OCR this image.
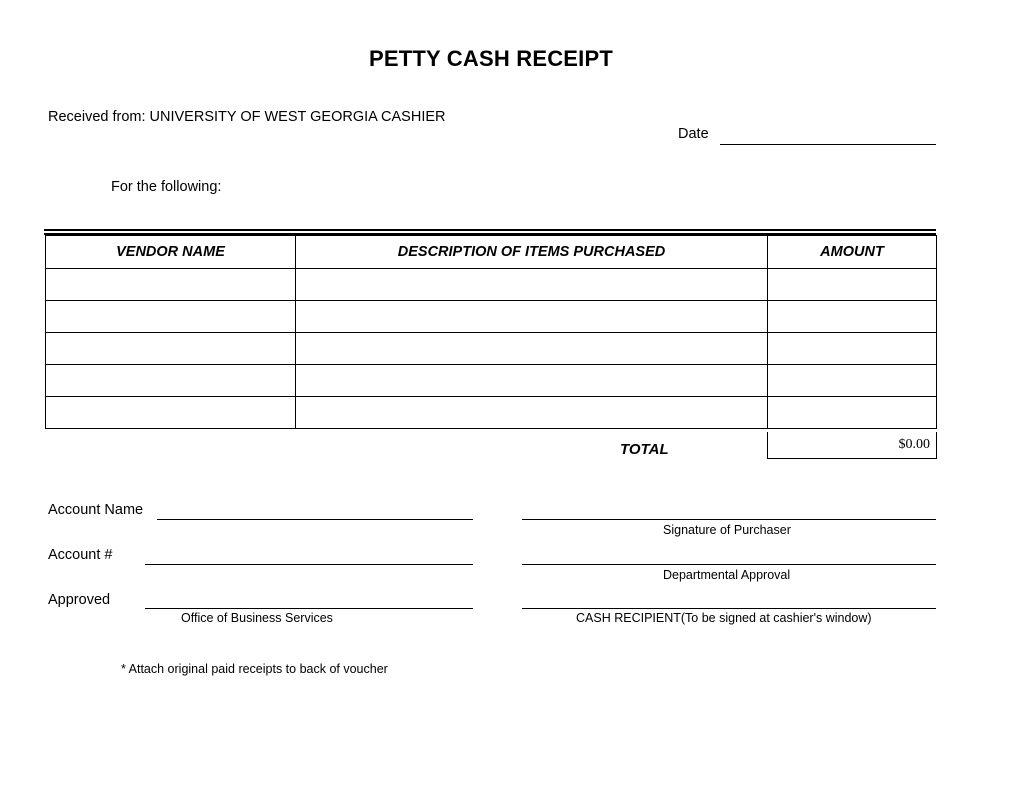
PETTY CASH RECEIPT
Received from: UNIVERSITY OF WEST GEORGIA CASHIER
Date
For the following:
VENDOR NAME	DESCRIPTION OF ITEMS PURCHASED	AMOUNT

TOTAL	$0.00
Account Name
Signature of Purchaser
Account #
Departmental Approval
Approved
Office of Business Services	CASH RECIPIENT(To be signed at cashier's window)
* Attach original paid receipts to back of voucher
